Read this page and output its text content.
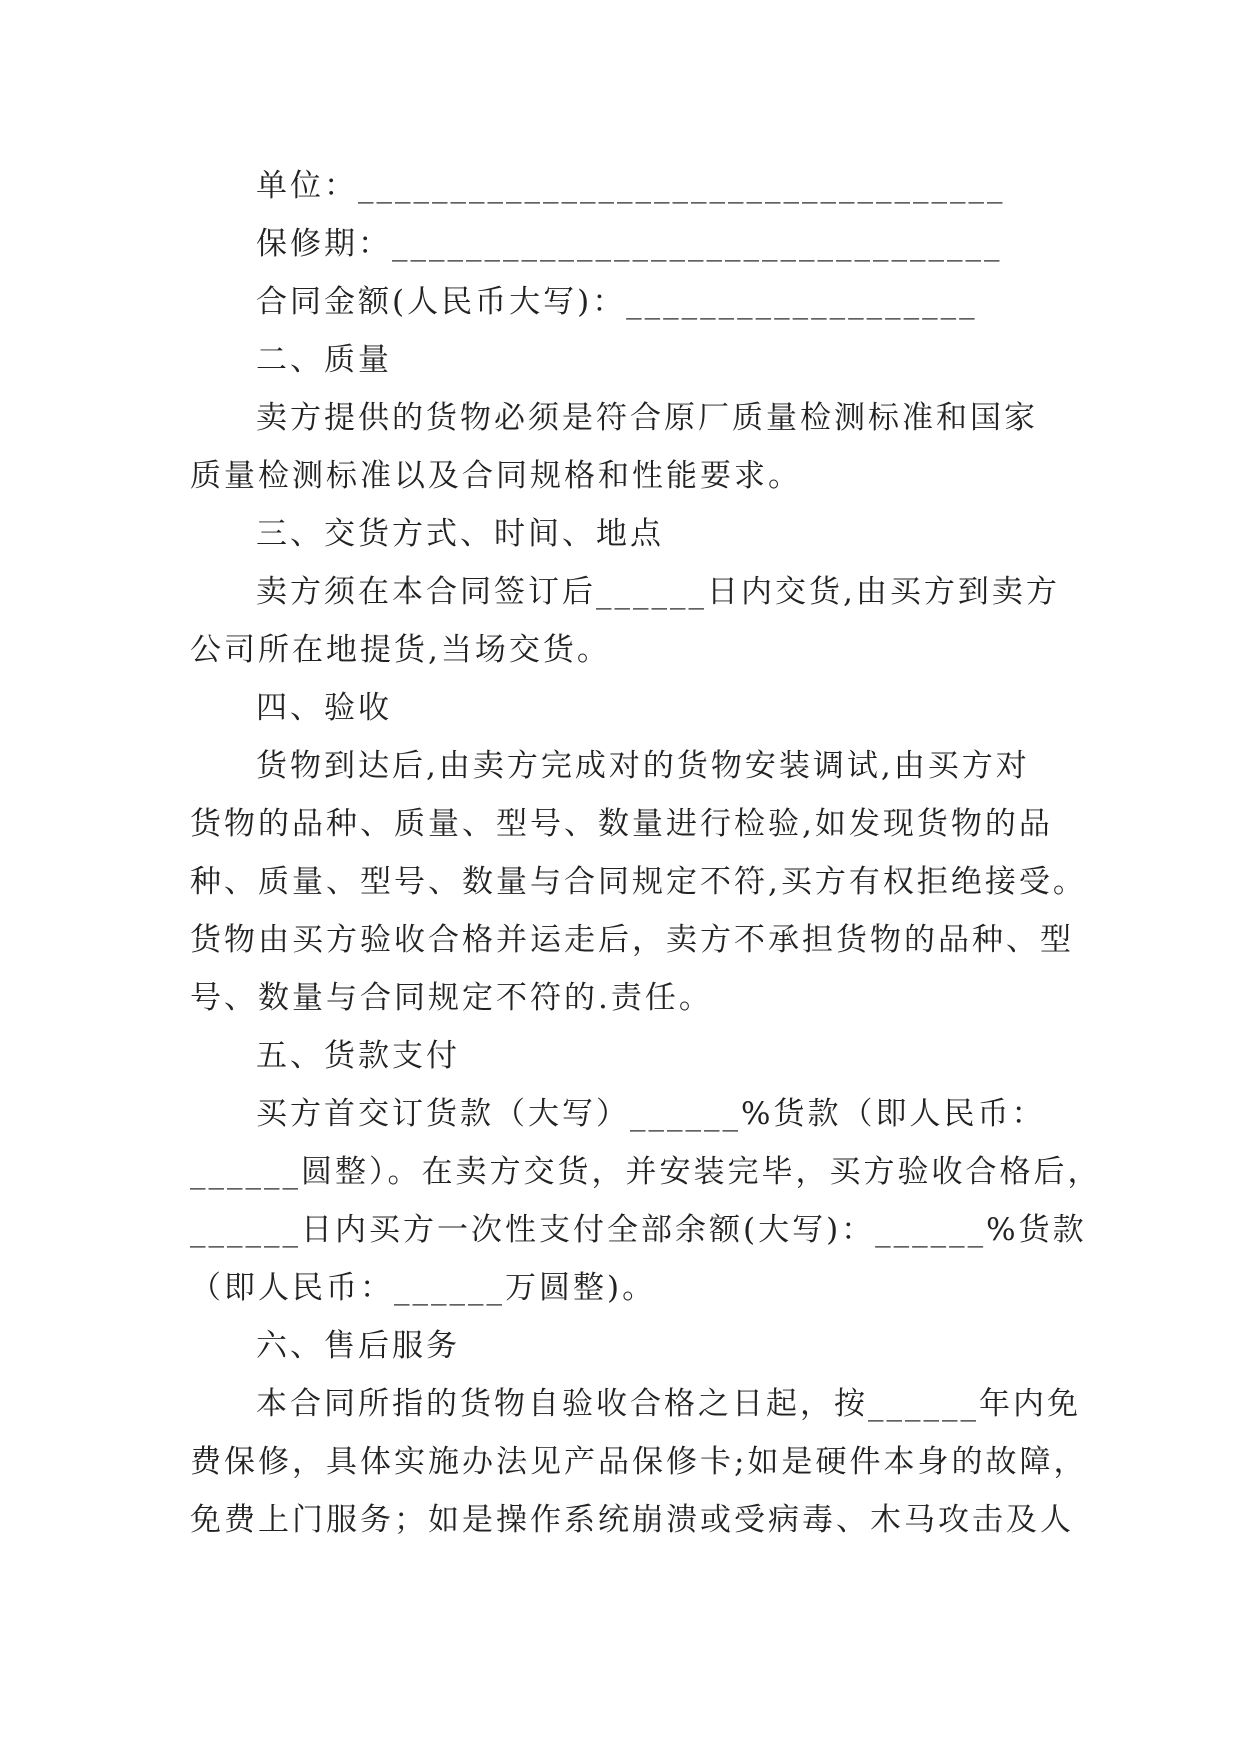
单位：___________________________________
保修期：_________________________________
合同金额(人民币大写)：___________________
二、质量
卖方提供的货物必须是符合原厂质量检测标准和国家
质量检测标准以及合同规格和性能要求。
三、交货方式、时间、地点
卖方须在本合同签订后______日内交货,由买方到卖方
公司所在地提货,当场交货。
四、验收
货物到达后,由卖方完成对的货物安装调试,由买方对
货物的品种、质量、型号、数量进行检验,如发现货物的品
种、质量、型号、数量与合同规定不符,买方有权拒绝接受。
货物由买方验收合格并运走后，卖方不承担货物的品种、型
号、数量与合同规定不符的.责任。
五、货款支付
买方首交订货款（大写）______%货款（即人民币：
______圆整）。在卖方交货，并安装完毕，买方验收合格后，
______日内买方一次性支付全部余额(大写)：______%货款
（即人民币：______万圆整)。
六、售后服务
本合同所指的货物自验收合格之日起，按______年内免
费保修，具体实施办法见产品保修卡;如是硬件本身的故障，
免费上门服务；如是操作系统崩溃或受病毒、木马攻击及人
